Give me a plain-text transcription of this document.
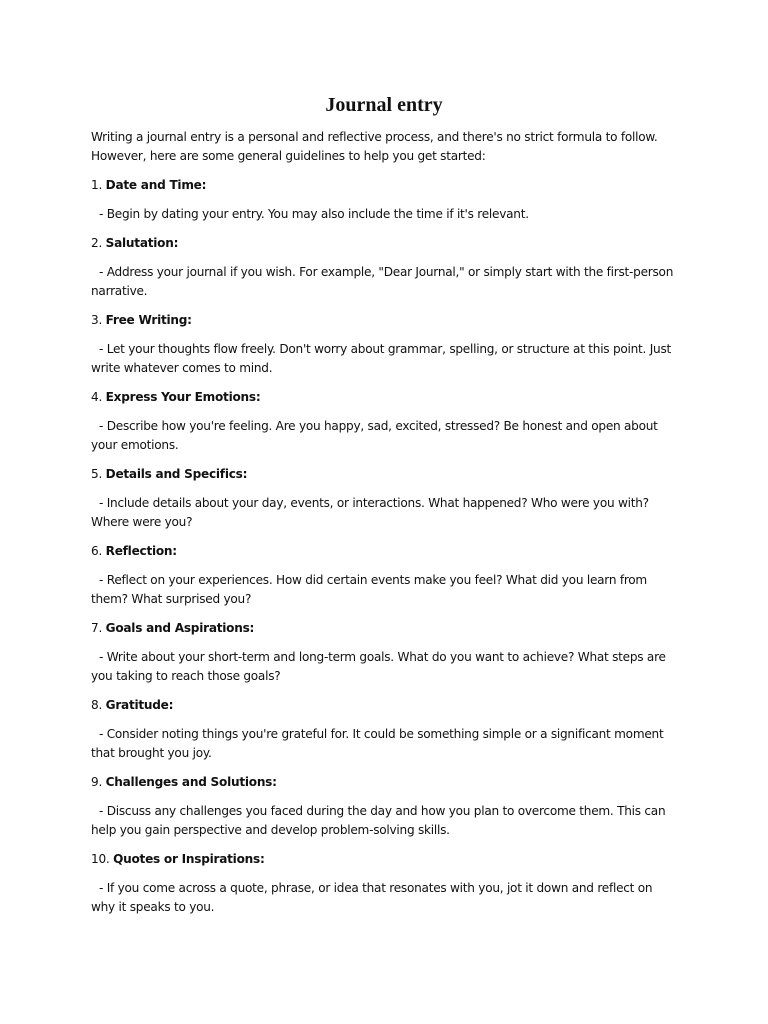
Journal entry

Writing a journal entry is a personal and reflective process, and there's no strict formula to follow. However, here are some general guidelines to help you get started:

1. Date and Time:

- Begin by dating your entry. You may also include the time if it's relevant.

2. Salutation:

- Address your journal if you wish. For example, "Dear Journal," or simply start with the first-person narrative.

3. Free Writing:

- Let your thoughts flow freely. Don't worry about grammar, spelling, or structure at this point. Just write whatever comes to mind.

4. Express Your Emotions:

- Describe how you're feeling. Are you happy, sad, excited, stressed? Be honest and open about your emotions.

5. Details and Specifics:

- Include details about your day, events, or interactions. What happened? Who were you with? Where were you?

6. Reflection:

- Reflect on your experiences. How did certain events make you feel? What did you learn from them? What surprised you?

7. Goals and Aspirations:

- Write about your short-term and long-term goals. What do you want to achieve? What steps are you taking to reach those goals?

8. Gratitude:

- Consider noting things you're grateful for. It could be something simple or a significant moment that brought you joy.

9. Challenges and Solutions:

- Discuss any challenges you faced during the day and how you plan to overcome them. This can help you gain perspective and develop problem-solving skills.

10. Quotes or Inspirations:

- If you come across a quote, phrase, or idea that resonates with you, jot it down and reflect on why it speaks to you.
